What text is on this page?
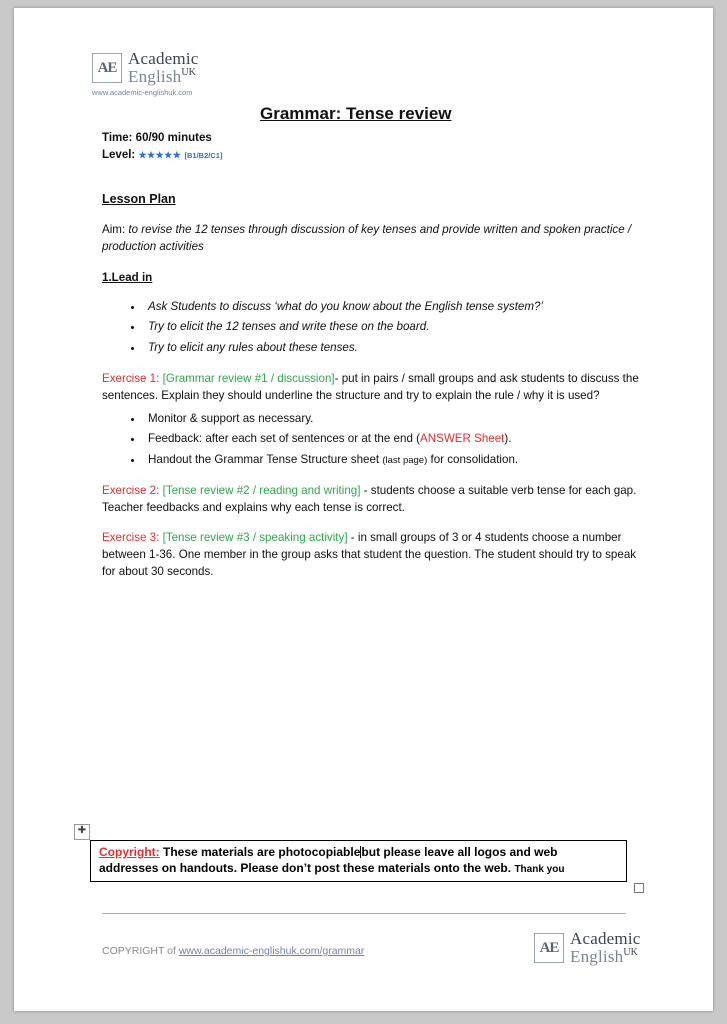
AE Academic
English$^{UK}$
www.academic-englishuk.com
Grammar: Tense review
Time: 60/90 minutes
Level: ★★★★★ [B1/B2/C1]
Lesson Plan

Aim: to revise the 12 tenses through discussion of key tenses and provide written and spoken practice / production activities

1.Lead in
• Ask Students to discuss ‘what do you know about the English tense system?’
• Try to elicit the 12 tenses and write these on the board.
• Try to elicit any rules about these tenses.

Exercise 1: [Grammar review #1 / discussion]- put in pairs / small groups and ask students to discuss the sentences. Explain they should underline the structure and try to explain the rule / why it is used?

• Monitor & support as necessary.
• Feedback: after each set of sentences or at the end (ANSWER Sheet).
• Handout the Grammar Tense Structure sheet (last page) for consolidation.

Exercise 2: [Tense review #2 / reading and writing] - students choose a suitable verb tense for each gap. Teacher feedbacks and explains why each tense is correct.

Exercise 3: [Tense review #3 / speaking activity] - in small groups of 3 or 4 students choose a number between 1-36. One member in the group asks that student the question. The student should try to speak for about 30 seconds.

✚
Copyright: These materials are photocopiablebut please leave all logos and web addresses on handouts. Please don’t post these materials onto the web. Thank you
COPYRIGHT of www.academic-englishuk.com/grammar	AE Academic
English$^{UK}$
